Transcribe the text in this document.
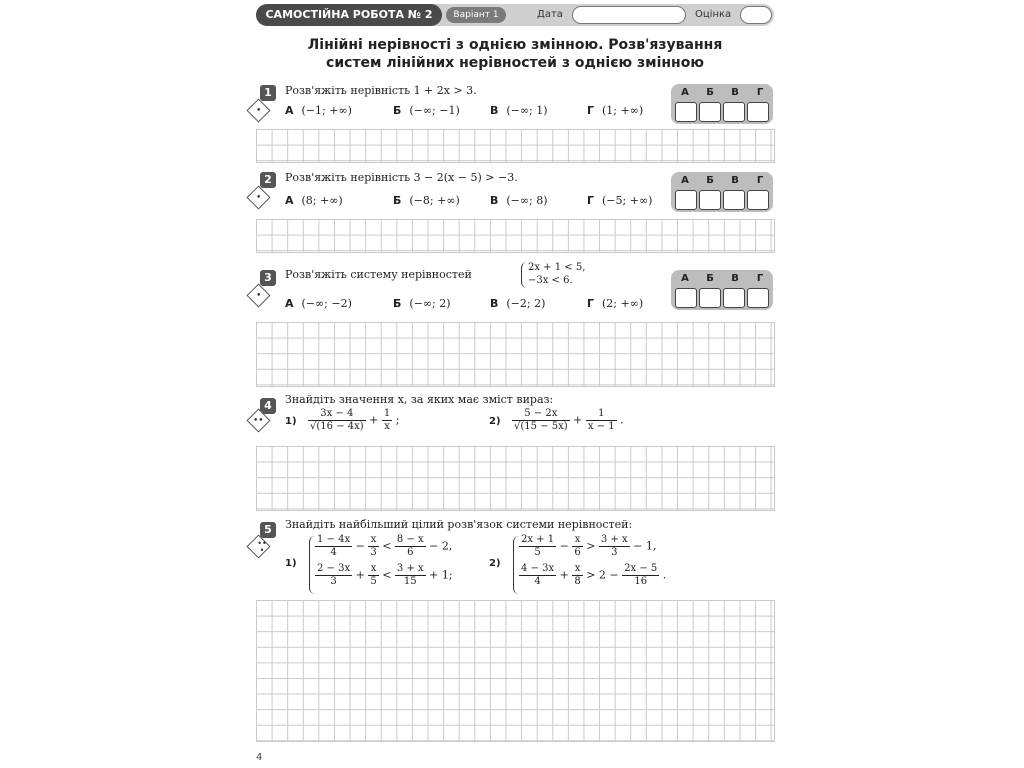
САМОСТІЙНА РОБОТА № 2	Варіант 1	Дата	Оцінка
Лінійні нерівності з однією змінною. Розв'язування
систем лінійних нерівностей з однією змінною
1
•
Розв'яжіть нерівність 1 + 2x > 3.
А (−1; +∞)	Б (−∞; −1)	В (−∞; 1)	Г (1; +∞)
А	Б	В	Г
2
•
Розв'яжіть нерівність 3 − 2(x − 5) > −3.
А (8; +∞)	Б (−8; +∞)	В (−∞; 8)	Г (−5; +∞)
А	Б	В	Г
3
•
Розв'яжіть систему нерівностей
2x + 1 < 5,
−3x < 6.
А (−∞; −2)	Б (−∞; 2)	В (−2; 2)	Г (2; +∞)
А	Б	В	Г
4
••
Знайдіть значення x, за яких має зміст вираз:
$1) \frac{3x - 4}{√(16 - 4x)} + \frac{1}{x}$ ;	$2) \frac{5 - 2x}{√(15 - 5x)} + \frac{1}{x - 1}$ .
5
••
•
Знайдіть найбільший цілий розв'язок системи нерівностей:
1)
$\frac{1 - 4x}{4} - \frac{x}{3} < \frac{8 - x}{6} - 2$,
$\frac{2 - 3x}{3} + \frac{x}{5} < \frac{3 + x}{15} + 1$;
2)
$\frac{2x + 1}{5} - \frac{x}{6} > \frac{3 + x}{3} - 1$,
$\frac{4 - 3x}{4} + \frac{x}{8} > 2 - \frac{2x - 5}{16}$ .
4
